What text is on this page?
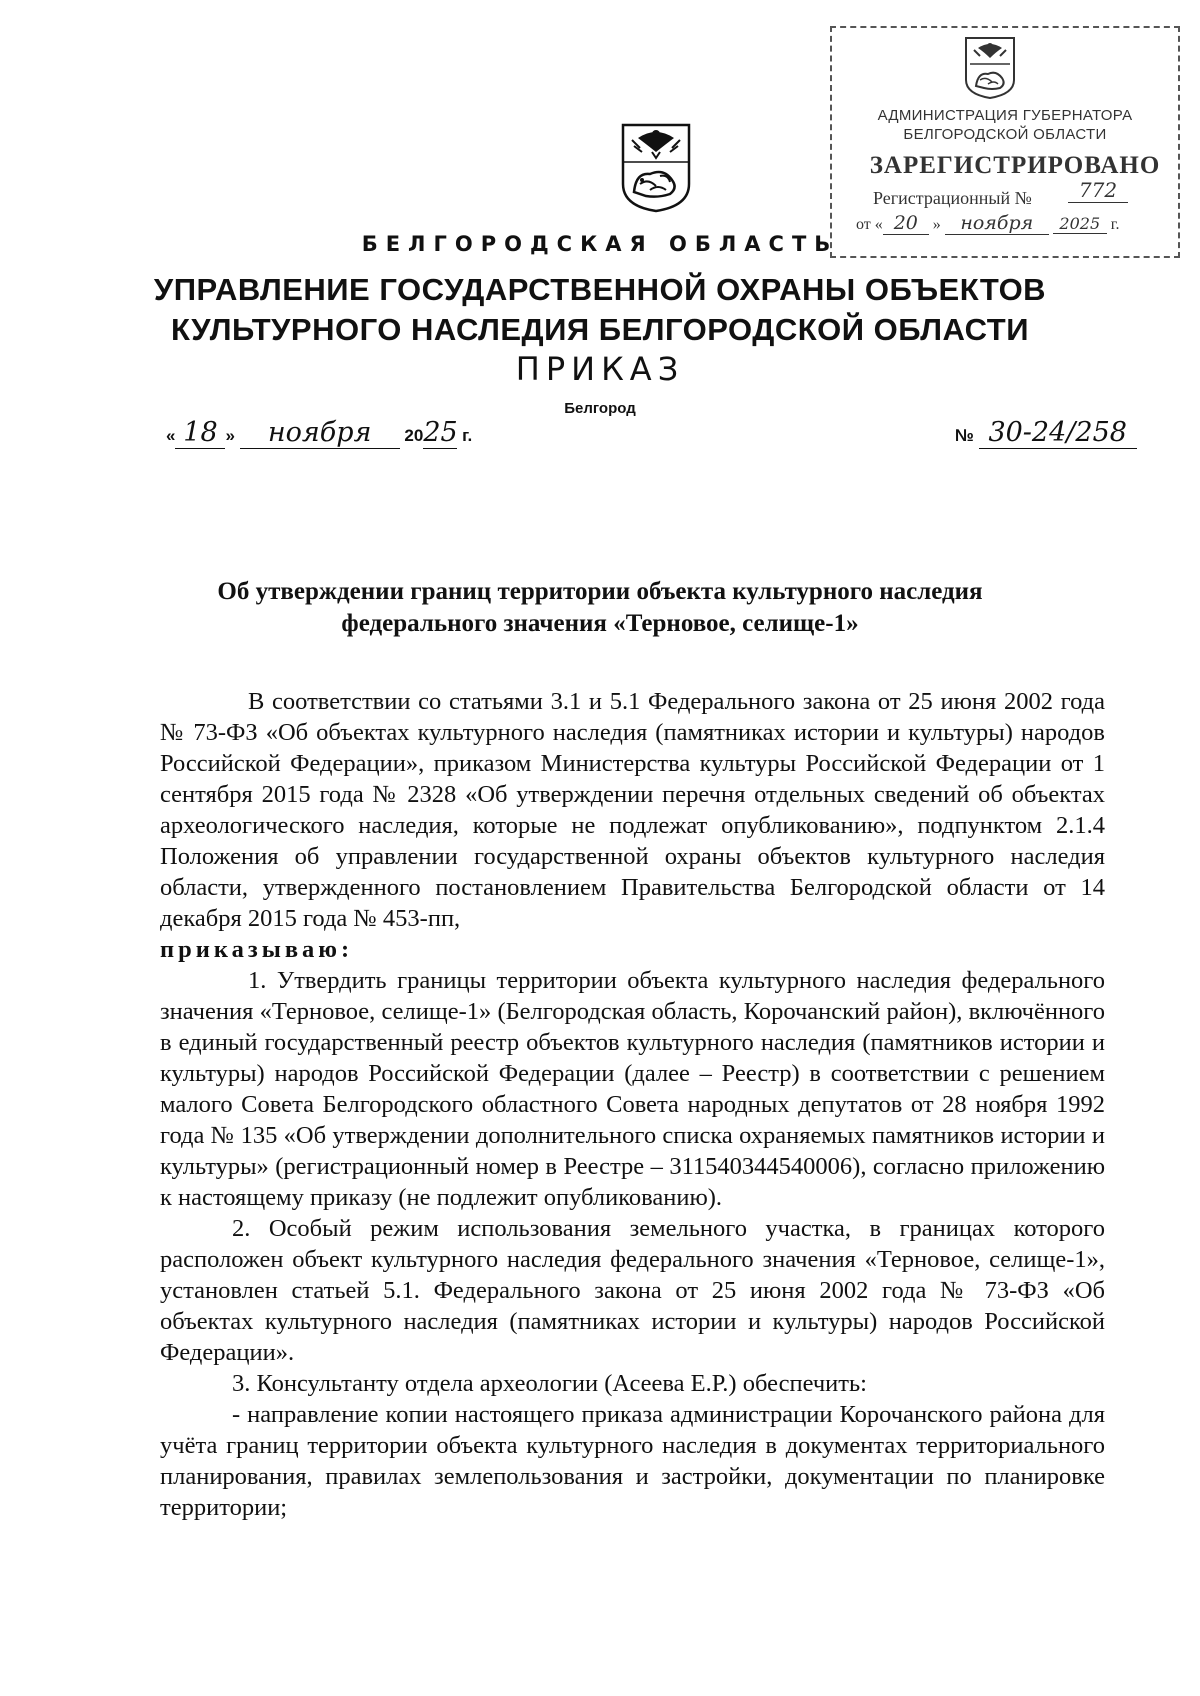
АДМИНИСТРАЦИЯ ГУБЕРНАТОРА
БЕЛГОРОДСКОЙ ОБЛАСТИ
ЗАРЕГИСТРИРОВАНО
Регистрационный №	772
от « 20 » ноября 2025 г.
БЕЛГОРОДСКАЯ ОБЛАСТЬ
УПРАВЛЕНИЕ ГОСУДАРСТВЕННОЙ ОХРАНЫ ОБЪЕКТОВ
КУЛЬТУРНОГО НАСЛЕДИЯ БЕЛГОРОДСКОЙ ОБЛАСТИ
ПРИКАЗ
Белгород
« 18 » ноября 2025 г.	№ 30-24/258
Об утверждении границ территории объекта культурного наследия
федерального значения «Терновое, селище-1»

В соответствии со статьями 3.1 и 5.1 Федерального закона от 25 июня 2002 года № 73-ФЗ «Об объектах культурного наследия (памятниках истории и культуры) народов Российской Федерации», приказом Министерства культуры Российской Федерации от 1 сентября 2015 года № 2328 «Об утверждении перечня отдельных сведений об объектах археологического наследия, которые не подлежат опубликованию», подпунктом 2.1.4 Положения об управлении государственной охраны объектов культурного наследия области, утвержденного постановлением Правительства Белгородской области от 14 декабря 2015 года № 453-пп,

приказываю:

1. Утвердить границы территории объекта культурного наследия федерального значения «Терновое, селище-1» (Белгородская область, Корочанский район), включённого в единый государственный реестр объектов культурного наследия (памятников истории и культуры) народов Российской Федерации (далее – Реестр) в соответствии с решением малого Совета Белгородского областного Совета народных депутатов от 28 ноября 1992 года № 135 «Об утверждении дополнительного списка охраняемых памятников истории и культуры» (регистрационный номер в Реестре – 311540344540006), согласно приложению к настоящему приказу (не подлежит опубликованию).

2. Особый режим использования земельного участка, в границах которого расположен объект культурного наследия федерального значения «Терновое, селище-1», установлен статьей 5.1. Федерального закона от 25 июня 2002 года № 73-ФЗ «Об объектах культурного наследия (памятниках истории и культуры) народов Российской Федерации».

3. Консультанту отдела археологии (Асеева Е.Р.) обеспечить:

- направление копии настоящего приказа администрации Корочанского района для учёта границ территории объекта культурного наследия в документах территориального планирования, правилах землепользования и застройки, документации по планировке территории;
